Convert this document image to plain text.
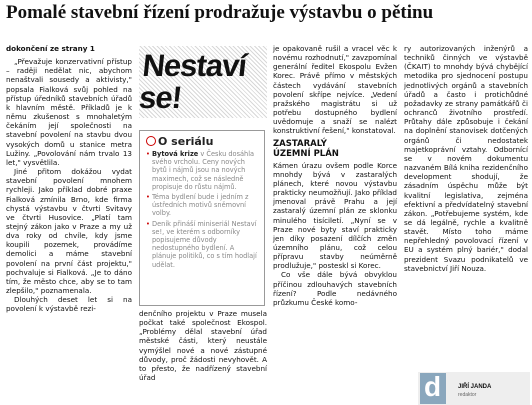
Pomalé stavební řízení prodražuje výstavbu o pětinu

dokončení ze strany 1

„Převažuje konzervativní přístup – raději nedělat nic, abychom nenaštvali sousedy a aktivisty," popsala Fialková svůj pohled na přístup úředníků stavebních úřadů k hlavním městě. Příkladů je k němu zkušenost s mnohaletým čekáním její společnosti na stavební povolení na stavbu dvou vysokých domů u stanice metra Lužiny. „Povolování nám trvalo 13 let," vysvětlila.

Jiné přitom dokážou vydat stavební povolení mnohem rychleji. Jako příklad dobré praxe Fialková zmínila Brno, kde firma chystá výstavbu v čtvrti Svitavy ve čtvrti Husovice. „Platí tam stejný zákon jako v Praze a my už dva roky od chvíle, kdy jsme koupili pozemek, provádíme demolici a máme stavební povolení na první část projektu," pochvaluje si Fialková. „Je to dáno tím, že město chce, aby se to tam zlepšilo," poznamenala.

Dlouhých deset let si na povolení k výstavbě rezi-

Nestaví se!
O seriálu
• Bytová krize v Česku dosáhla svého vrcholu. Ceny nových bytů i nájmů jsou na nových maximech, což se následně propisuje do růstu nájmů.
• Téma bydlení bude i jedním z ústředních motivů sněmovní volby.
• Deník přináší miniseriál Nestaví se!, ve kterém s odborníky popisujeme důvody nedostupného bydlení. A plánuje politiků, co s tím hodlají udělat.

denčního projektu v Praze musela počkat také společnost Ekospol. „Problémy dělal stavební úřad městské části, který neustále vymýšlel nové a nové zástupné důvody, proč žádosti nevyhovět. A to přesto, že nadřízený stavební úřad

je opakovaně rušil a vracel věc k novému rozhodnutí," zavzpomínal generální ředitel Ekospolu Evžen Korec. Právě přímo v městských částech vydávání stavebních povolení skřípe nejvíce. „Vedení pražského magistrátu si už potřebu dostupného bydlení uvědomuje a snaží se nalézt konstruktivní řešení," konstatoval.

ZASTARALÝ
ÚZEMNÍ PLÁN

Kámen úrazu ovšem podle Korce mnohdy bývá v zastaralých plánech, které novou výstavbu prakticky neumožňují. Jako příklad jmenoval právě Prahu a její zastaralý územní plán ze sklonku minulého tisíciletí. „Nyní se v Praze nové byty staví prakticky jen díky posazení dílčích změn územního plánu, což celou přípravu stavby neúměrně prodlužuje," posteskl si Korec.

Co vše dále bývá obvyklou příčinou zdlouhavých stavebních řízení? Podle nedávného průzkumu České komo-

ry autorizovaných inženýrů a techniků činných ve výstavbě (ČKAIT) to mnohdy bývá chybějící metodika pro sjednocení postupu jednotlivých orgánů a stavebních úřadů a často i protichůdné požadavky ze strany památkářů či ochranců životního prostředí. Průtahy dále způsobuje i čekání na doplnění stanovisek dotčených orgánů či nedostatek majetkoprávní vztahy. Odbornící se v novém dokumentu nazvaném Bílá kniha rezidenčního development shodují, že zásadním úspěchu může být kvalitní legislativa, zejména efektivní a předvídatelný stavební zákon. „Potřebujeme systém, kde se dá legálně, rychle a kvalitně stavět. Místo toho máme nepřehledný povolovací řízení v EU a systém plný bariér," dodal prezident Svazu podnikatelů ve stavebnictví Jiří Nouza.

d	JIŘÍ JANDA
redaktor
